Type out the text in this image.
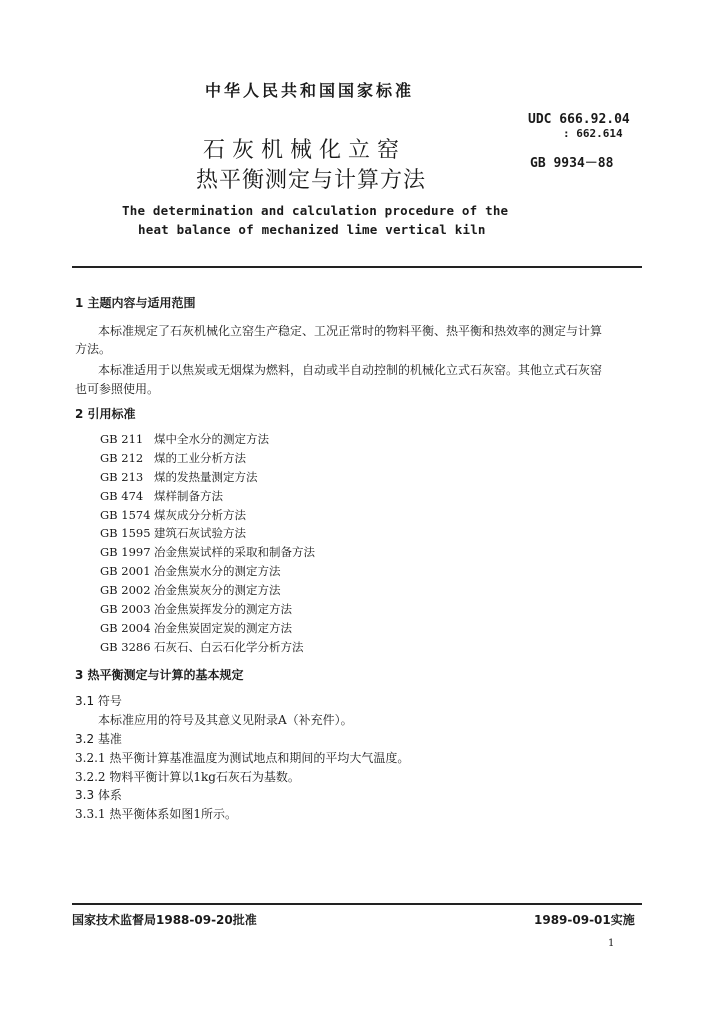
中华人民共和国国家标准
UDC 666.92.04
: 662.614
GB 9934－88
石灰机械化立窑
热平衡测定与计算方法
The determination and calculation procedure of the
heat balance of mechanized lime vertical kiln
1 主题内容与适用范围
本标准规定了石灰机械化立窑生产稳定、工况正常时的物料平衡、热平衡和热效率的测定与计算
方法。
本标准适用于以焦炭或无烟煤为燃料，自动或半自动控制的机械化立式石灰窑。其他立式石灰窑
也可参照使用。
2 引用标准
GB 211 煤中全水分的测定方法
GB 212 煤的工业分析方法
GB 213 煤的发热量测定方法
GB 474 煤样制备方法
GB 1574 煤灰成分分析方法
GB 1595 建筑石灰试验方法
GB 1997 冶金焦炭试样的采取和制备方法
GB 2001 冶金焦炭水分的测定方法
GB 2002 冶金焦炭灰分的测定方法
GB 2003 冶金焦炭挥发分的测定方法
GB 2004 冶金焦炭固定炭的测定方法
GB 3286 石灰石、白云石化学分析方法
3 热平衡测定与计算的基本规定
3.1 符号
本标准应用的符号及其意义见附录A（补充件）。
3.2 基准
3.2.1 热平衡计算基准温度为测试地点和期间的平均大气温度。
3.2.2 物料平衡计算以1kg石灰石为基数。
3.3 体系
3.3.1 热平衡体系如图1所示。
国家技术监督局1988-09-20批准	1989-09-01实施
1
